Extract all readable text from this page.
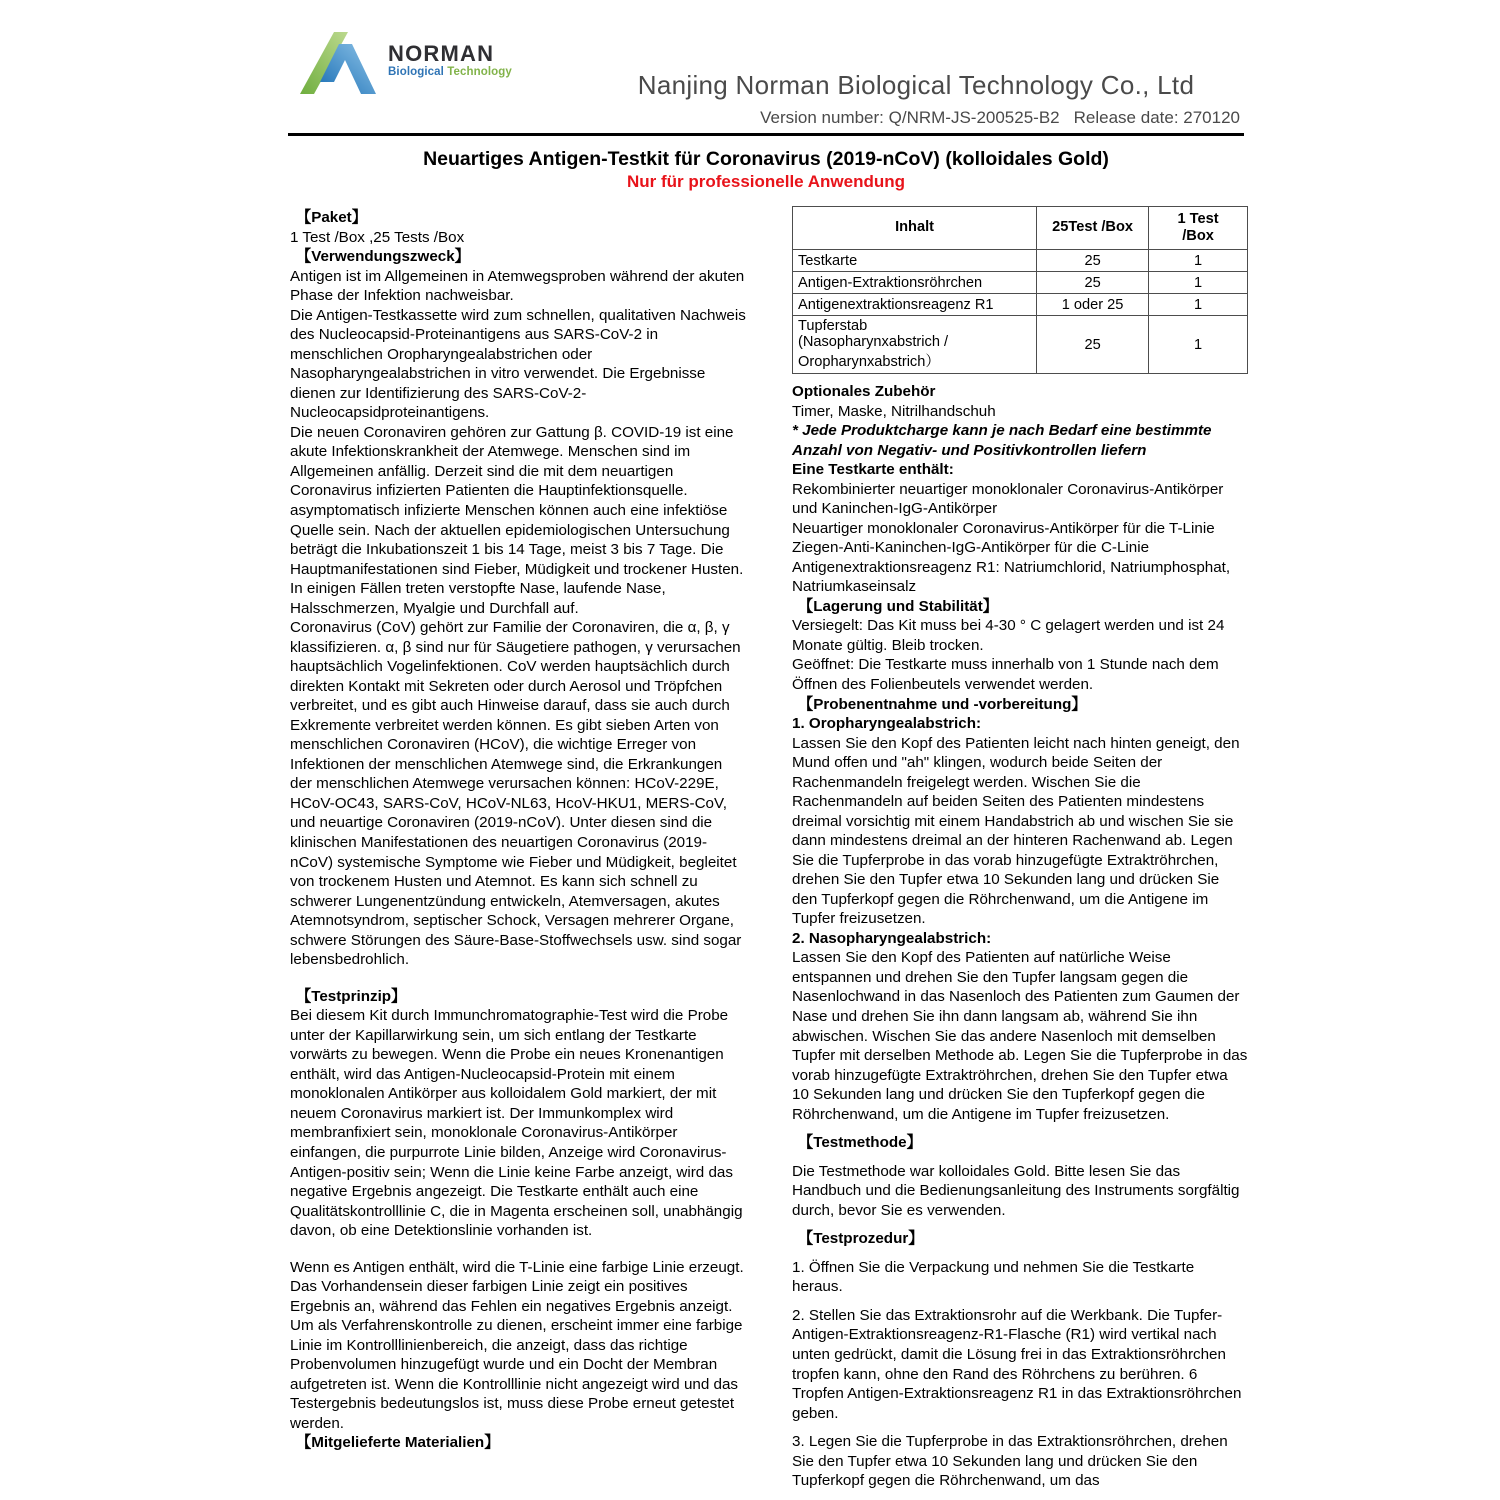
NORMAN
Biological Technology	Nanjing Norman Biological Technology Co., Ltd
Version number: Q/NRM-JS-200525-B2 Release date: 270120
Neuartiges Antigen-Testkit für Coronavirus (2019-nCoV) (kolloidales Gold)
Nur für professionelle Anwendung
【Paket】

1 Test /Box ,25 Tests /Box

【Verwendungszweck】

Antigen ist im Allgemeinen in Atemwegsproben während der akuten Phase der Infektion nachweisbar.

Die Antigen-Testkassette wird zum schnellen, qualitativen Nachweis des Nucleocapsid-Proteinantigens aus SARS-CoV-2 in menschlichen Oropharyngealabstrichen oder Nasopharyngealabstrichen in vitro verwendet. Die Ergebnisse dienen zur Identifizierung des SARS-CoV-2-Nucleocapsidproteinantigens.

Die neuen Coronaviren gehören zur Gattung β. COVID-19 ist eine akute Infektionskrankheit der Atemwege. Menschen sind im Allgemeinen anfällig. Derzeit sind die mit dem neuartigen Coronavirus infizierten Patienten die Hauptinfektionsquelle. asymptomatisch infizierte Menschen können auch eine infektiöse Quelle sein. Nach der aktuellen epidemiologischen Untersuchung beträgt die Inkubationszeit 1 bis 14 Tage, meist 3 bis 7 Tage. Die Hauptmanifestationen sind Fieber, Müdigkeit und trockener Husten. In einigen Fällen treten verstopfte Nase, laufende Nase, Halsschmerzen, Myalgie und Durchfall auf.

Coronavirus (CoV) gehört zur Familie der Coronaviren, die α, β, γ klassifizieren. α, β sind nur für Säugetiere pathogen, γ verursachen hauptsächlich Vogelinfektionen. CoV werden hauptsächlich durch direkten Kontakt mit Sekreten oder durch Aerosol und Tröpfchen verbreitet, und es gibt auch Hinweise darauf, dass sie auch durch Exkremente verbreitet werden können. Es gibt sieben Arten von menschlichen Coronaviren (HCoV), die wichtige Erreger von Infektionen der menschlichen Atemwege sind, die Erkrankungen der menschlichen Atemwege verursachen können: HCoV-229E, HCoV-OC43, SARS-CoV, HCoV-NL63, HcoV-HKU1, MERS-CoV, und neuartige Coronaviren (2019-nCoV). Unter diesen sind die klinischen Manifestationen des neuartigen Coronavirus (2019-nCoV) systemische Symptome wie Fieber und Müdigkeit, begleitet von trockenem Husten und Atemnot. Es kann sich schnell zu schwerer Lungenentzündung entwickeln, Atemversagen, akutes Atemnotsyndrom, septischer Schock, Versagen mehrerer Organe, schwere Störungen des Säure-Base-Stoffwechsels usw. sind sogar lebensbedrohlich.

【Testprinzip】

Bei diesem Kit durch Immunchromatographie-Test wird die Probe unter der Kapillarwirkung sein, um sich entlang der Testkarte vorwärts zu bewegen. Wenn die Probe ein neues Kronenantigen enthält, wird das Antigen-Nucleocapsid-Protein mit einem monoklonalen Antikörper aus kolloidalem Gold markiert, der mit neuem Coronavirus markiert ist. Der Immunkomplex wird membranfixiert sein, monoklonale Coronavirus-Antikörper einfangen, die purpurrote Linie bilden, Anzeige wird Coronavirus-Antigen-positiv sein; Wenn die Linie keine Farbe anzeigt, wird das negative Ergebnis angezeigt. Die Testkarte enthält auch eine Qualitätskontrolllinie C, die in Magenta erscheinen soll, unabhängig davon, ob eine Detektionslinie vorhanden ist.

Wenn es Antigen enthält, wird die T-Linie eine farbige Linie erzeugt. Das Vorhandensein dieser farbigen Linie zeigt ein positives Ergebnis an, während das Fehlen ein negatives Ergebnis anzeigt. Um als Verfahrenskontrolle zu dienen, erscheint immer eine farbige Linie im Kontrolllinienbereich, die anzeigt, dass das richtige Probenvolumen hinzugefügt wurde und ein Docht der Membran aufgetreten ist. Wenn die Kontrolllinie nicht angezeigt wird und das Testergebnis bedeutungslos ist, muss diese Probe erneut getestet werden.

【Mitgelieferte Materialien】
Inhalt	25Test /Box	1 Test
/Box
Testkarte	25	1
Antigen-Extraktionsröhrchen	25	1
Antigenextraktionsreagenz R1	1 oder 25	1
Tupferstab
(Nasopharynxabstrich /
Oropharynxabstrich）	25	1
Optionales Zubehör

Timer, Maske, Nitrilhandschuh

* Jede Produktcharge kann je nach Bedarf eine bestimmte Anzahl von Negativ- und Positivkontrollen liefern

Eine Testkarte enthält:

Rekombinierter neuartiger monoklonaler Coronavirus-Antikörper und Kaninchen-IgG-Antikörper

Neuartiger monoklonaler Coronavirus-Antikörper für die T-Linie

Ziegen-Anti-Kaninchen-IgG-Antikörper für die C-Linie

Antigenextraktionsreagenz R1: Natriumchlorid, Natriumphosphat, Natriumkaseinsalz

【Lagerung und Stabilität】

Versiegelt: Das Kit muss bei 4-30 ° C gelagert werden und ist 24 Monate gültig. Bleib trocken.

Geöffnet: Die Testkarte muss innerhalb von 1 Stunde nach dem Öffnen des Folienbeutels verwendet werden.

【Probenentnahme und -vorbereitung】
1. Oropharyngealabstrich:

Lassen Sie den Kopf des Patienten leicht nach hinten geneigt, den Mund offen und "ah" klingen, wodurch beide Seiten der Rachenmandeln freigelegt werden. Wischen Sie die Rachenmandeln auf beiden Seiten des Patienten mindestens dreimal vorsichtig mit einem Handabstrich ab und wischen Sie sie dann mindestens dreimal an der hinteren Rachenwand ab. Legen Sie die Tupferprobe in das vorab hinzugefügte Extraktröhrchen, drehen Sie den Tupfer etwa 10 Sekunden lang und drücken Sie den Tupferkopf gegen die Röhrchenwand, um die Antigene im Tupfer freizusetzen.

2. Nasopharyngealabstrich:

Lassen Sie den Kopf des Patienten auf natürliche Weise entspannen und drehen Sie den Tupfer langsam gegen die Nasenlochwand in das Nasenloch des Patienten zum Gaumen der Nase und drehen Sie ihn dann langsam ab, während Sie ihn abwischen. Wischen Sie das andere Nasenloch mit demselben Tupfer mit derselben Methode ab. Legen Sie die Tupferprobe in das vorab hinzugefügte Extraktröhrchen, drehen Sie den Tupfer etwa 10 Sekunden lang und drücken Sie den Tupferkopf gegen die Röhrchenwand, um die Antigene im Tupfer freizusetzen.

【Testmethode】

Die Testmethode war kolloidales Gold. Bitte lesen Sie das Handbuch und die Bedienungsanleitung des Instruments sorgfältig durch, bevor Sie es verwenden.

【Testprozedur】

1. Öffnen Sie die Verpackung und nehmen Sie die Testkarte heraus.

2. Stellen Sie das Extraktionsrohr auf die Werkbank. Die Tupfer-Antigen-Extraktionsreagenz-R1-Flasche (R1) wird vertikal nach unten gedrückt, damit die Lösung frei in das Extraktionsröhrchen tropfen kann, ohne den Rand des Röhrchens zu berühren. 6 Tropfen Antigen-Extraktionsreagenz R1 in das Extraktionsröhrchen geben.

3. Legen Sie die Tupferprobe in das Extraktionsröhrchen, drehen Sie den Tupfer etwa 10 Sekunden lang und drücken Sie den Tupferkopf gegen die Röhrchenwand, um das
